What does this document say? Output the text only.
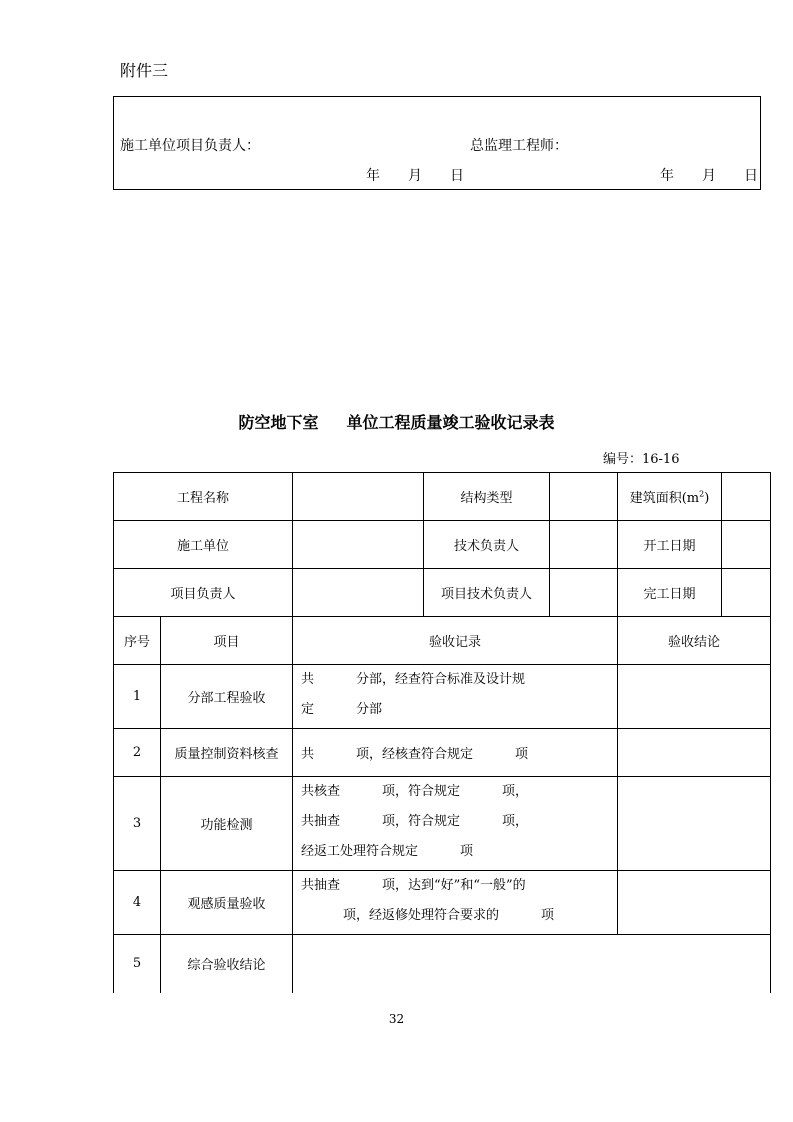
附件三
施工单位项目负责人：	总监理工程师：
年 月 日	年 月 日
防空地下室 单位工程质量竣工验收记录表
编号：16-16
工程名称			结构类型		建筑面积$(m^2)$	
施工单位			技术负责人		开工日期	
项目负责人			项目技术负责人		完工日期	
序号	项目	验收记录			验收结论	
1	分部工程验收	共 分部，经查符合标准及设计规
定 分部				

2	质量控制资料核查	共 项，经核查符合规定 项				
3	功能检测	共核查 项，符合规定 项，
共抽查 项，符合规定 项，
经返工处理符合规定 项				

4	观感质量验收	共抽查 项，达到“好”和“一般”的
项，经返修处理符合要求的 项				

5	综合验收结论					
32
